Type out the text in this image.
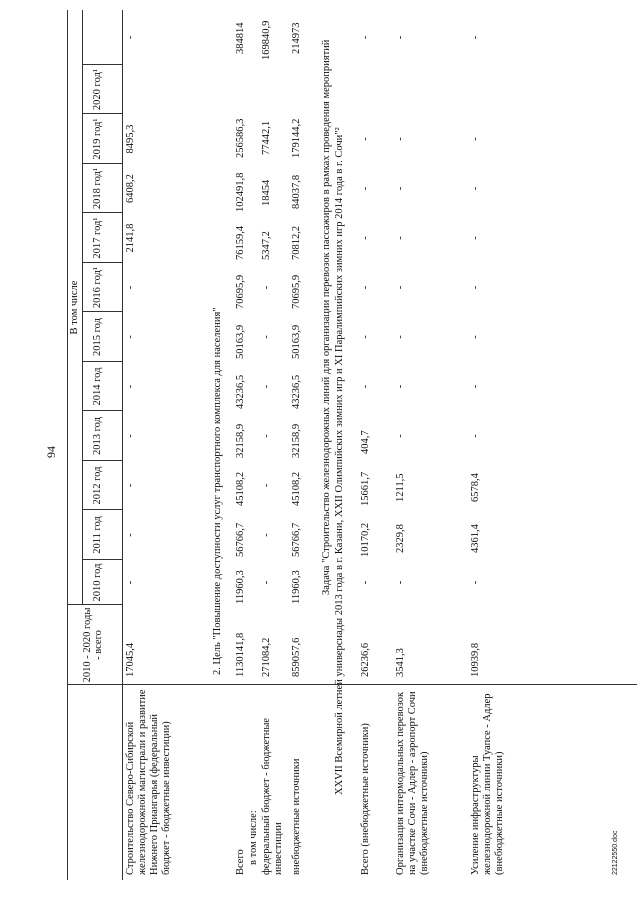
94
2010 - 2020 годы - всего
В том числе
2010 год
2011 год
2012 год
2013 год
2014 год
2015 год
2016 год¹
2017 год¹
2018 год¹
2019 год¹
2020 год¹
Строительство Северо-Сибирской железнодорожной магистрали и развитие Нижнего Приангарья (федеральный бюджет - бюджетные инвестиции)
17045,4
-
-
-
-
-
-
-
2141,8
6408,2
8495,3
-
2. Цель "Повышение доступности услуг транспортного комплекса для населения"
Всего в том числе: федеральный бюджет - бюджетные инвестиции внебюджетные источники
1130141,8
11960,3
56766,7
45108,2
32158,9
43236,5
50163,9
70695,9
76159,4
102491,8
256586,3
384814
271084,2
-
-
-
-
-
-
-
5347,2
18454
77442,1
169840,9
859057,6
11960,3
56766,7
45108,2
32158,9
43236,5
50163,9
70695,9
70812,2
84037,8
179144,2
214973
Задача "Строительство железнодорожных линий для организации перевозок пассажиров в рамках проведения мероприятий XXVII Всемирной летней универсиады 2013 года в г. Казани, XXII Олимпийских зимних игр и XI Паралимпийских зимних игр 2014 года в г. Сочи"²
Всего (внебюджетные источники)
26236,6
-
10170,2
15661,7
404,7
-
-
-
-
-
-
-
Организация интермодальных перевозок на участке Сочи - Адлер - аэропорт Сочи (внебюджетные источники)
3541,3
-
2329,8
1211,5
-
-
-
-
-
-
-
-
Усиление инфраструктуры железнодорожной линии Туапсе - Адлер (внебюджетные источники)
10939,8
-
4361,4
6578,4
-
-
-
-
-
-
-
-
22122550.doc
